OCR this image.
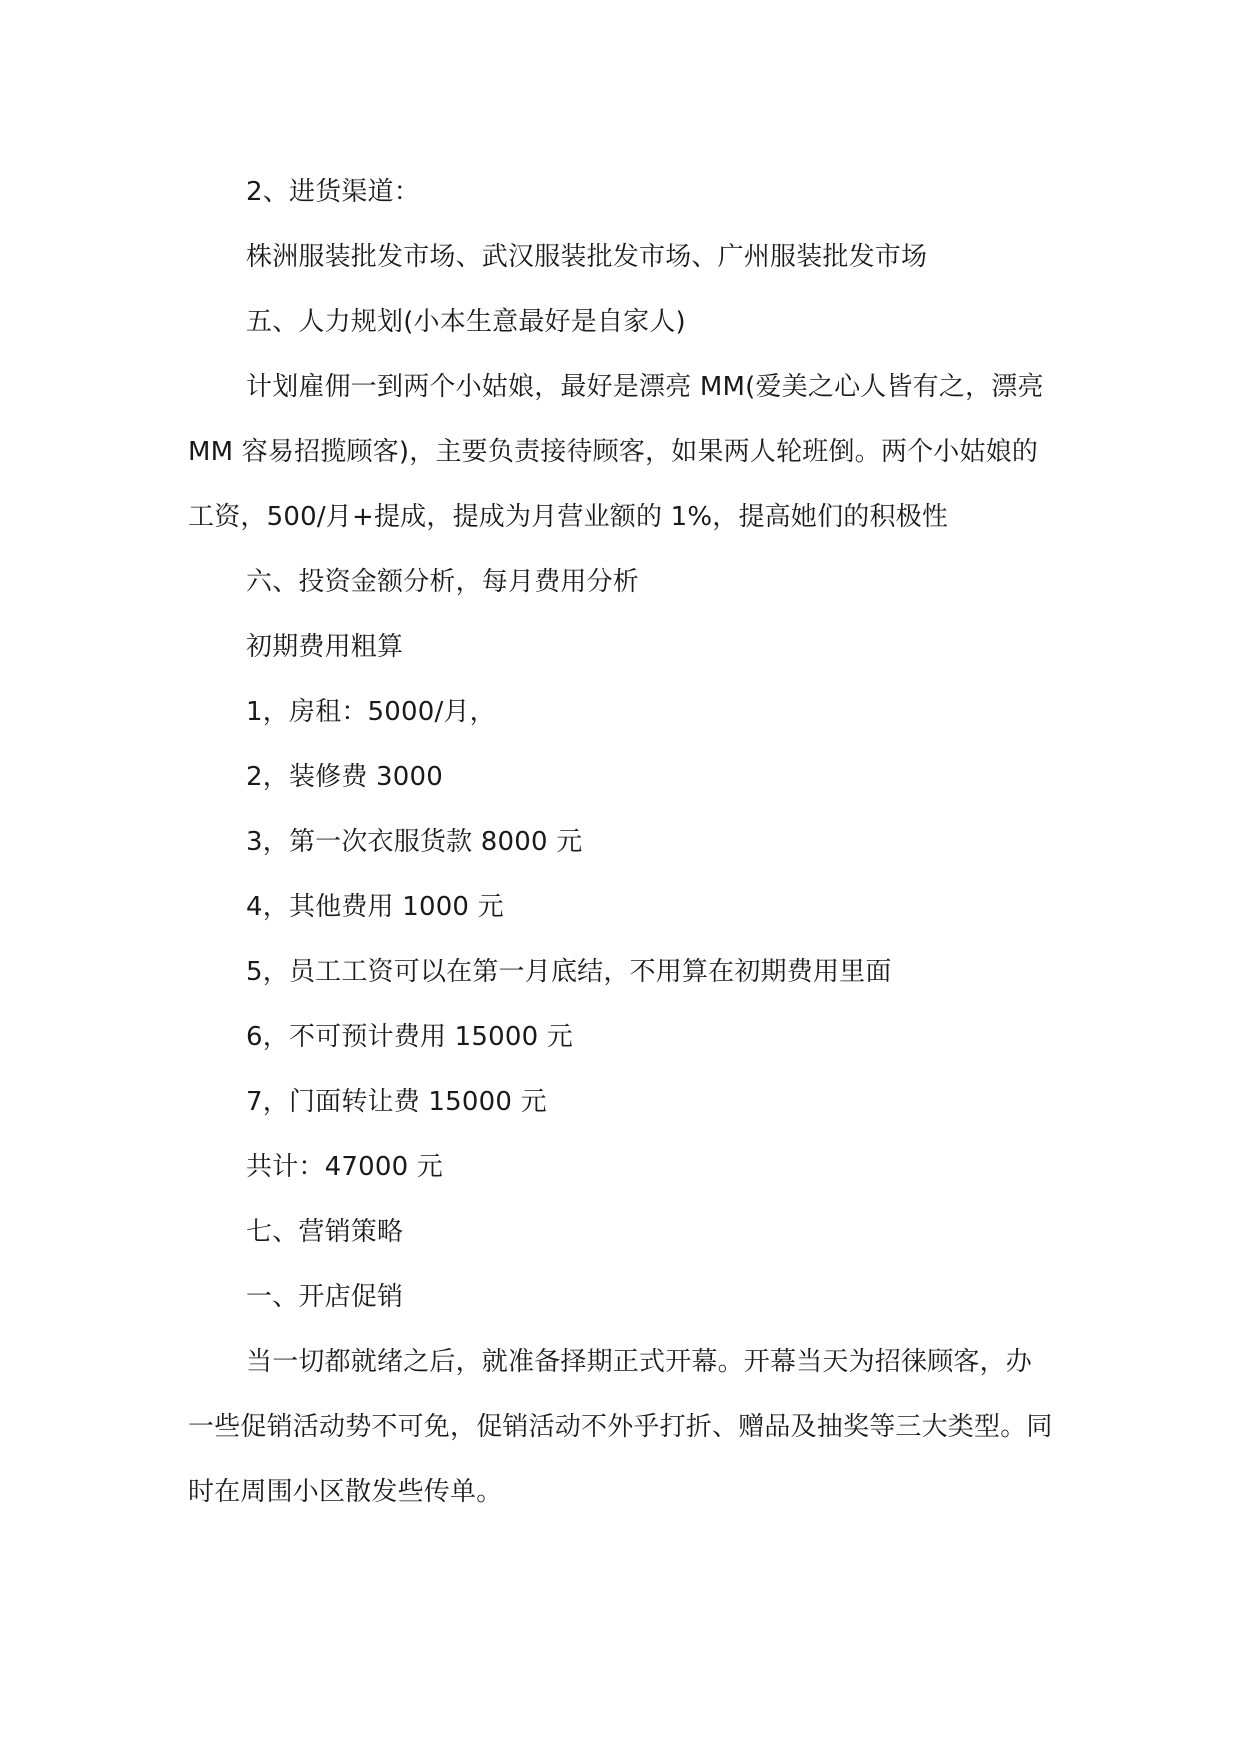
2、进货渠道：

株洲服装批发市场、武汉服装批发市场、广州服装批发市场

五、人力规划(小本生意最好是自家人)

计划雇佣一到两个小姑娘，最好是漂亮 MM(爱美之心人皆有之，漂亮 MM 容易招揽顾客)，主要负责接待顾客，如果两人轮班倒。两个小姑娘的工资，500/月+提成，提成为月营业额的 1%，提高她们的积极性

六、投资金额分析，每月费用分析

初期费用粗算

1，房租：5000/月，

2，装修费 3000

3，第一次衣服货款 8000 元

4，其他费用 1000 元

5，员工工资可以在第一月底结，不用算在初期费用里面

6，不可预计费用 15000 元

7，门面转让费 15000 元

共计：47000 元

七、营销策略

一、开店促销

当一切都就绪之后，就准备择期正式开幕。开幕当天为招徕顾客，办一些促销活动势不可免，促销活动不外乎打折、赠品及抽奖等三大类型。同时在周围小区散发些传单。
